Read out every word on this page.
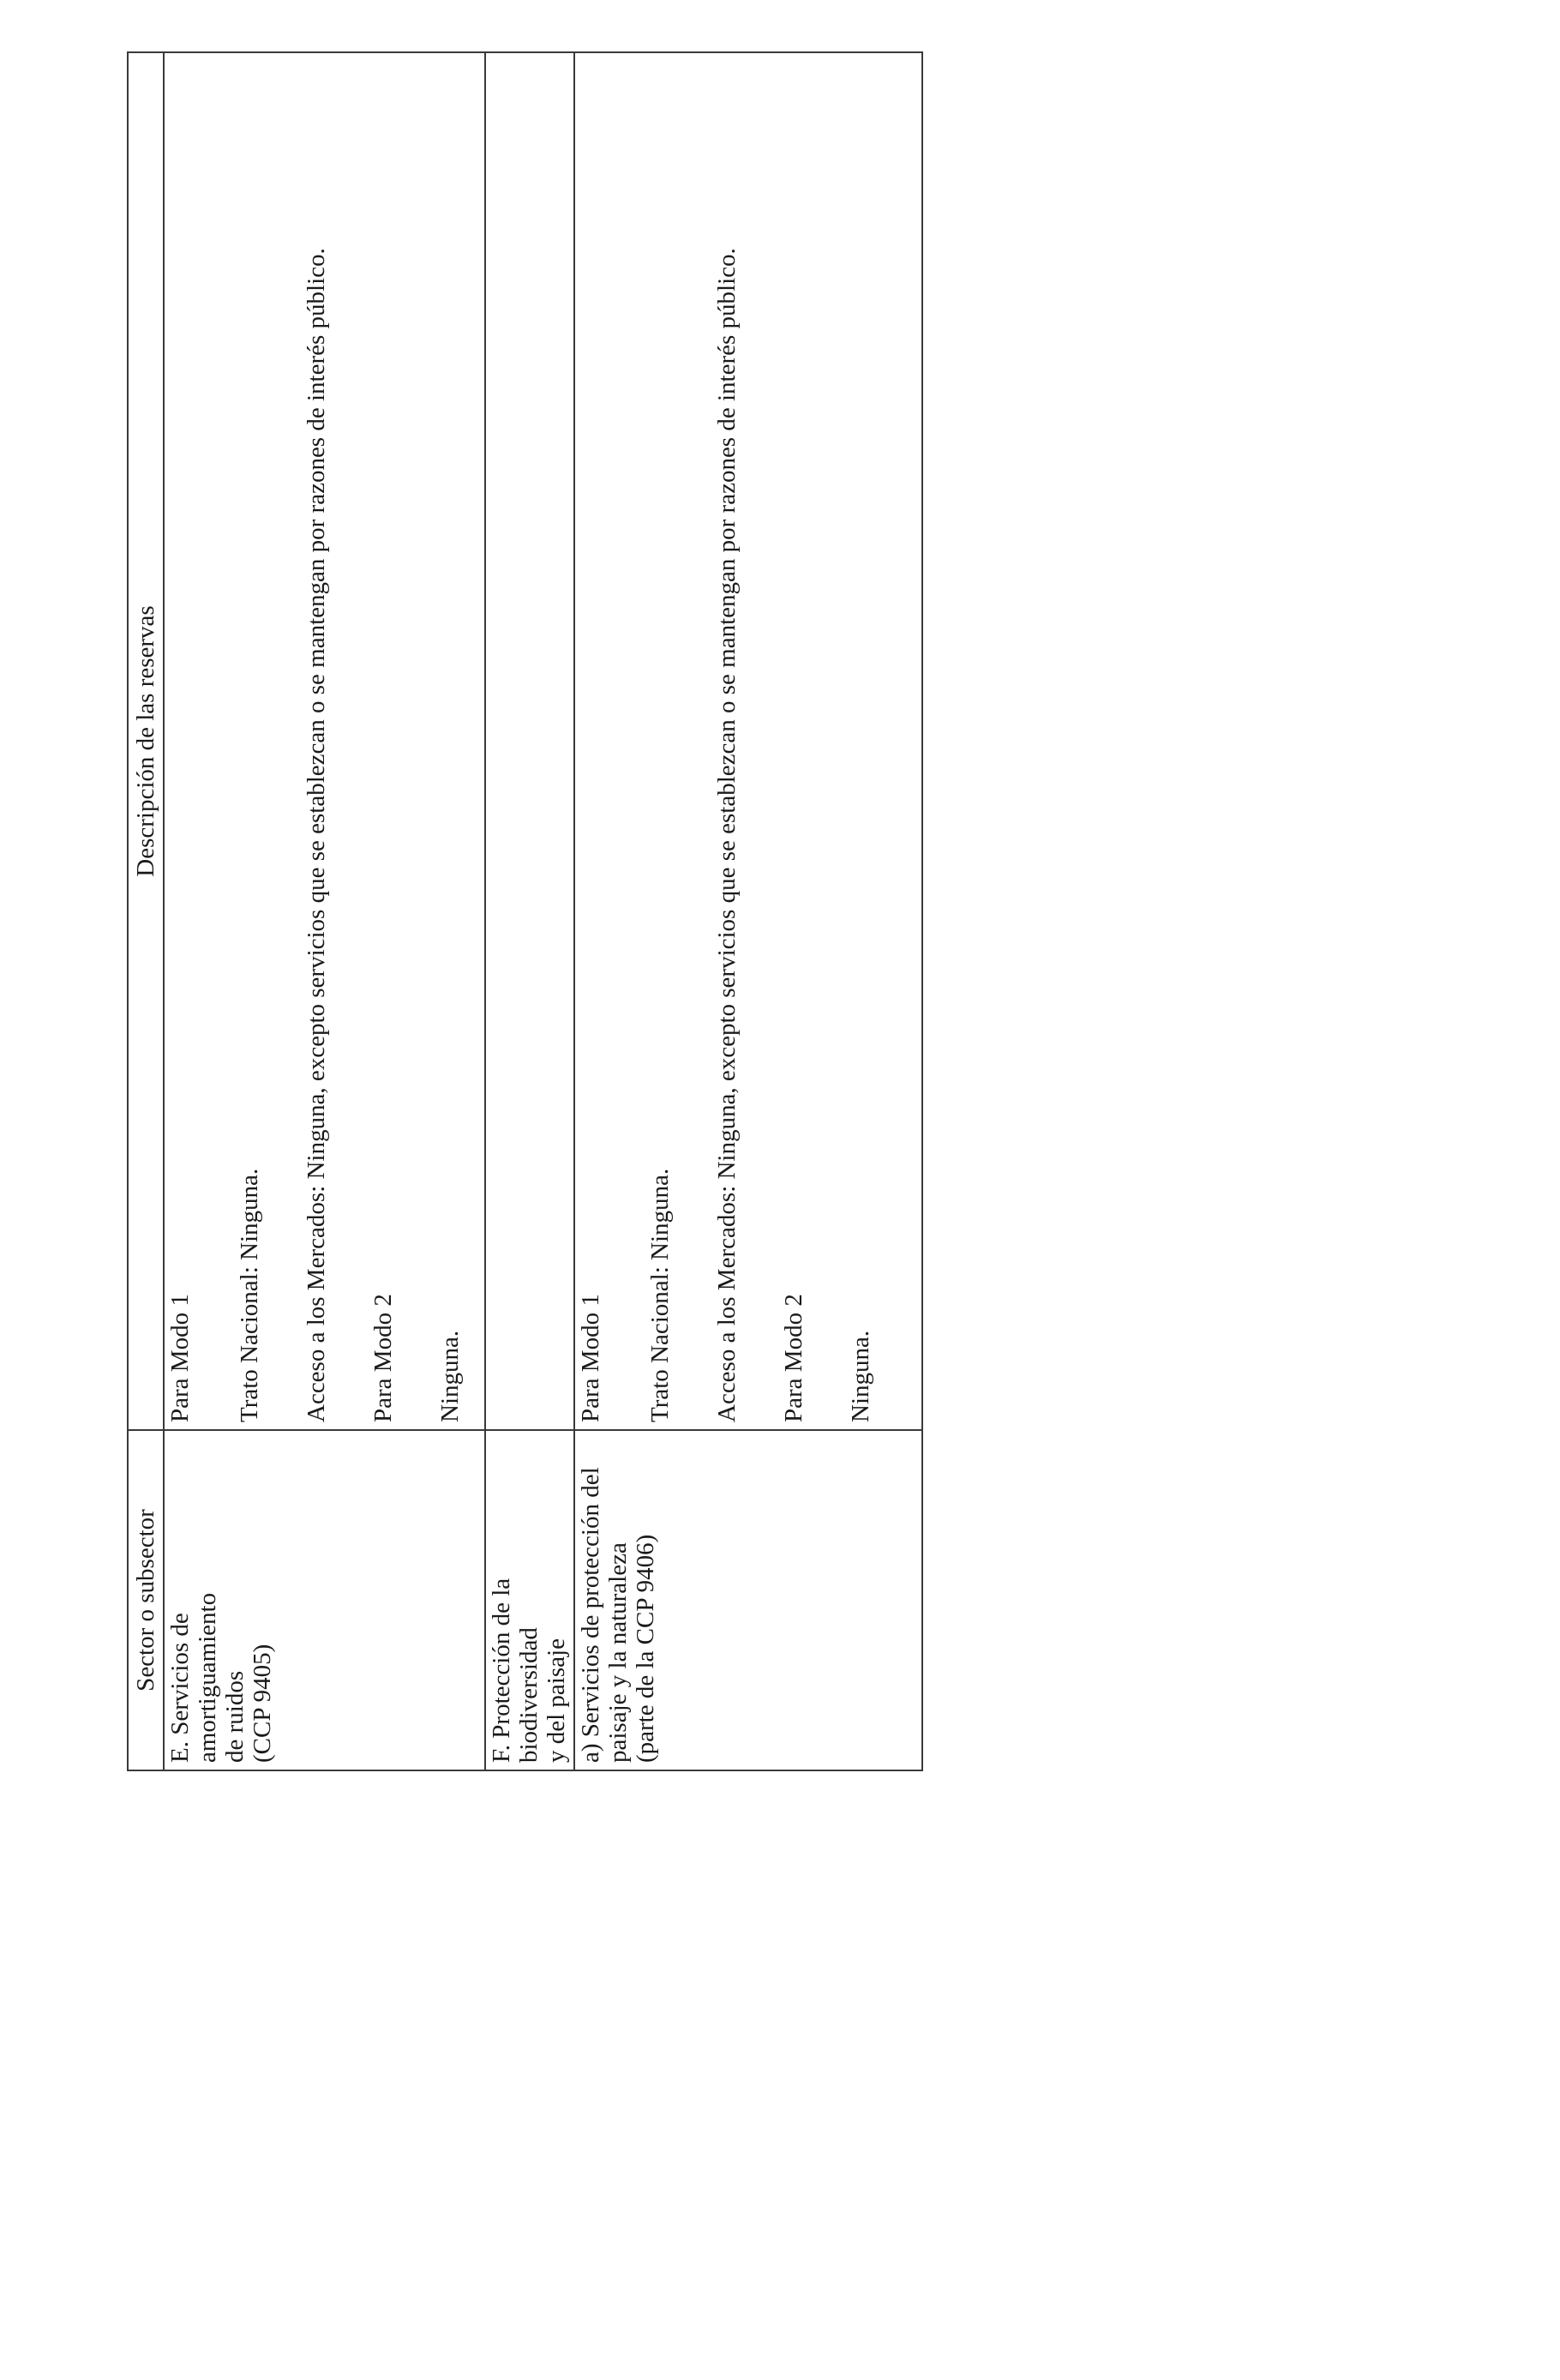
Sector o subsector	Descripción de las reservas

E. Servicios de amortiguamiento de ruidos (CCP 9405)	Para Modo 1 Trato Nacional: Ninguna. Acceso a los Mercados: Ninguna, excepto servicios que se establezcan o se mantengan por razones de interés público. Para Modo 2 Ninguna.

F. Protección de la biodiversidad y del paisaje	

a) Servicios de protección del paisaje y la naturaleza (parte de la CCP 9406)	Para Modo 1 Trato Nacional: Ninguna. Acceso a los Mercados: Ninguna, excepto servicios que se establezcan o se mantengan por razones de interés público. Para Modo 2 Ninguna.
